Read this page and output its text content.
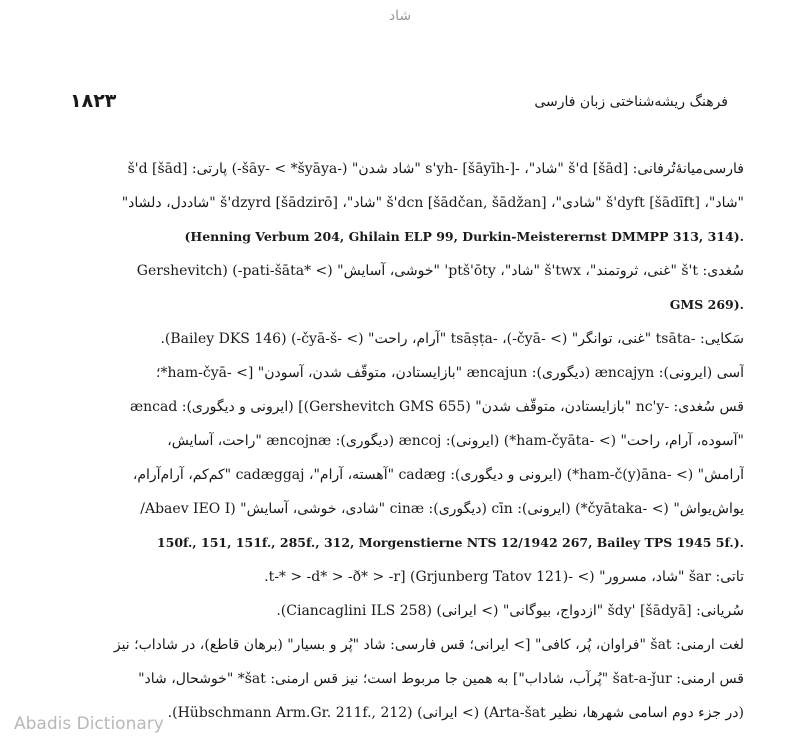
شاد
۱۸۲۳	فرهنگ ریشه‌شناختی زبان فارسی
فارسی‌میانهٔ‌تُرفانی: š'd [šād] "شاد"، -s'yh- [šāyīh-] "شاد شدن" (-šāy- < *šyāya-) پارتی: š'd [šād]
"شاد"، š'dyft [šādīft] "شادی"، š'dcn [šādčan, šādžan] "شاد"، š'dzyrd [šādzirō] "شاددل، دلشاد"
(Henning Verbum 204, Ghilain ELP 99, Durkin-Meisterernst DMMPP 313, 314).
سُغدی: š't "غنی، ثروتمند"، š'twx "شاد"، ptš'ōty' "خوشی، آسایش" (> *pati-šāta-) (Gershevitch
GMS 269).
سَکایی: -tsāta "غنی، توانگر" (> -čyā-)، -tsāṣṭa "آرام، راحت" (> -čyā-š-) (Bailey DKS 146).
آسی (ایرونی): æncajyn (دیگوری): æncajun "بازایستادن، متوقّف شدن، آسودن" [> -ham-čyā*؛
قس سُغدی: -nc'y "بازایستادن، متوقّف شدن" (Gershevitch GMS 655)] (ایرونی و دیگوری): æncad
"آسوده، آرام، راحت" (> -ham-čyāta*) (ایرونی): æncoj (دیگوری): æncojnæ "راحت، آسایش،
آرامش" (> -ham-č(y)āna*) (ایرونی و دیگوری): cadæg "آهسته، آرام"، cadæggaj "کم‌کم، آرام‌آرام،
یواش‌یواش" (> -čyātaka*) (ایرونی): cīn (دیگوری): cinæ "شادی، خوشی، آسایش" (Abaev IEO I/
150f., 151, 151f., 285f., 312, Morgenstierne NTS 12/1942 267, Bailey TPS 1945 5f.).
تاتی: šar "شاد، مسرور" (> -t-* > -d* > -ð* > -r] (Grjunberg Tatov 121).
سُریانی: šdy' [šādyā] "ازدواج، بیوگانی" (> ایرانی) (Ciancaglini ILS 258).
لغت ارمنی: šat "فراوان، پُر، کافی" [> ایرانی؛ قس فارسی: شاد "پُر و بسیار" (برهان قاطع)، در شاداب؛ نیز
قس ارمنی: šat-a-ǰur "پُرآب، شاداب"] به همین جا مربوط است؛ نیز قس ارمنی: šat* "خوشحال، شاد"
(در جزء دوم اسامی شهرها، نظیر Arta-šat) (> ایرانی) (Hübschmann Arm.Gr. 211f., 212).
Abadis Dictionary
